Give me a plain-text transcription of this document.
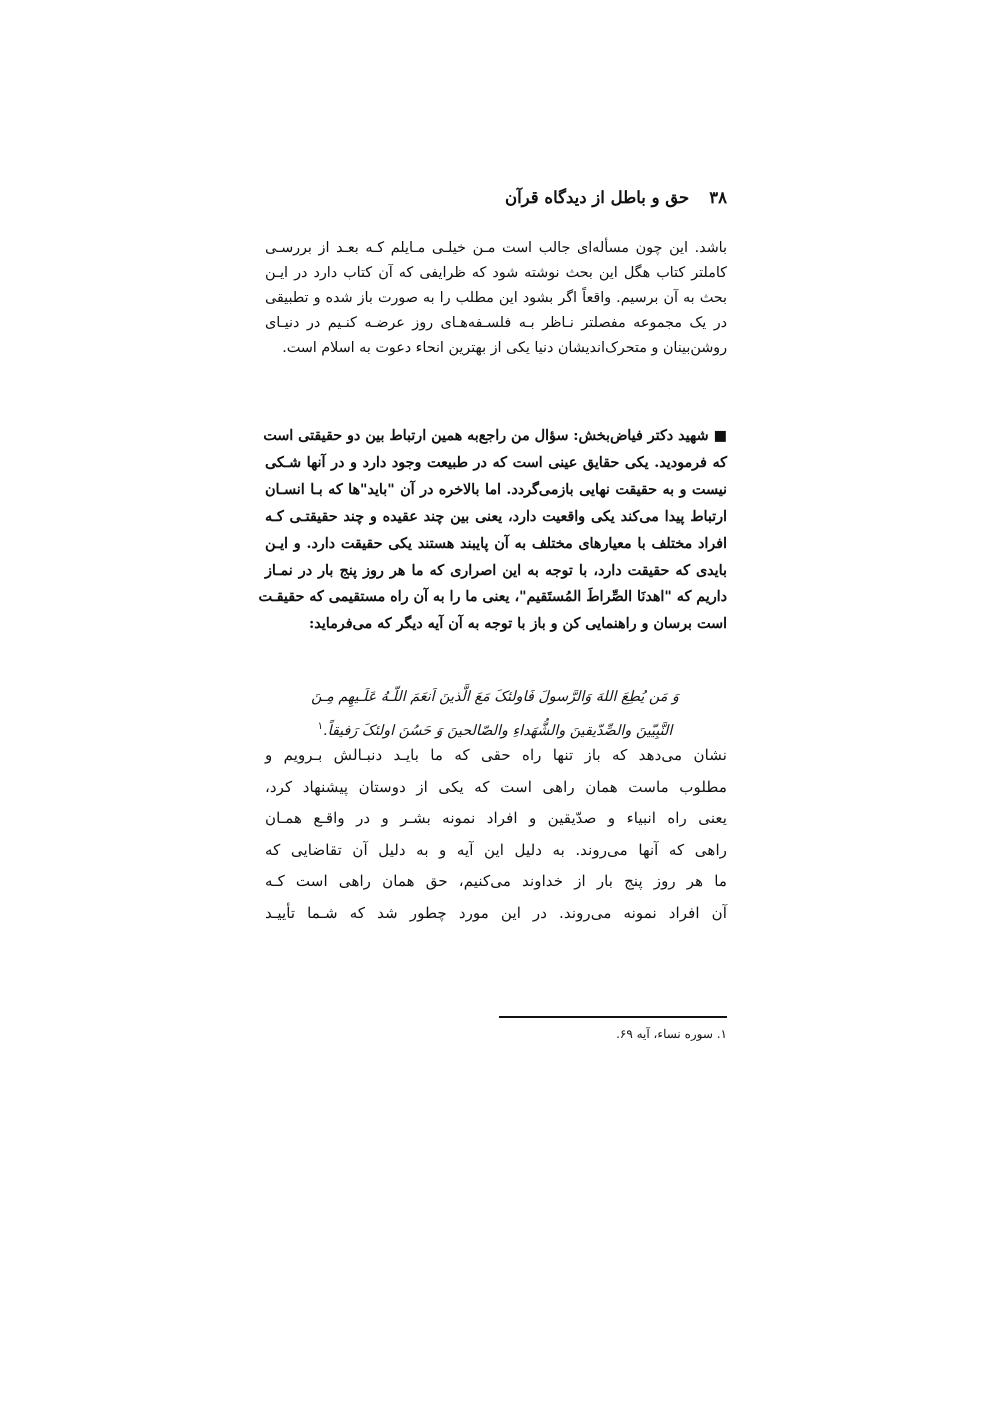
۳۸حق و باطل از دیدگاه قرآن
باشد. این چون مسأله‌ای جالب است مـن خیلـی مـایلم کـه بعـد از بررسـی
کاملتر کتاب هگل این بحث نوشته شود که ظرایفی که آن کتاب دارد در ایـن
بحث به آن برسیم. واقعاً اگر بشود این مطلب را به صورت باز شده و تطبیقی
در یک مجموعه مفصلتر نـاظر بـه فلسـفه‌هـای روز عرضـه کنـیم در دنیـای
روشن‌بینان و متحرک‌اندیشان دنیا یکی از بهترین انحاء دعوت به اسلام است.
■ شهید دکتر فیاض‌بخش: سؤال من راجع‌به همین ارتباط بین دو حقیقتی است
که فرمودید. یکی حقایق عینی است که در طبیعت وجود دارد و در آنها شـکی
نیست و به حقیقت نهایی بازمی‌گردد. اما بالاخره در آن "باید"ها که بـا انسـان
ارتباط پیدا می‌کند یکی واقعیت دارد، یعنی بین چند عقیده و چند حقیقتـی کـه
افراد مختلف با معیارهای مختلف به آن پایبند هستند یکی حقیقت دارد. و ایـن
بایدی که حقیقت دارد، با توجه به این اصراری که ما هر روز پنج بار در نمـاز
داریم که "اهدنَا الصِّراطَ المُستَقیم"، یعنی ما را به آن راه مستقیمی که حقیقـت
است برسان و راهنمایی کن و باز با توجه به آن آیه دیگر که می‌فرماید:
وَ مَن یُطِعَ اللهَ وَالرَّسولَ فَاولئکَ مَعَ الَّذینَ اَنعَمَ اللّـهُ عَلَـیهِم مِـنَ
النَّبِیّینَ والصِّدّیقینَ والشُّهَداءِ والصّالحینَ وَ حَسُنَ اولئکَ رَفیقاً.$^۱$
نشان می‌دهد که باز تنها راه حقی که ما بایـد دنبـالش بـرویم و
مطلوب ماست همان راهی است که یکی از دوستان پیشنهاد کرد،
یعنی راه انبیاء و صدّیقین و افراد نمونه بشـر و در واقـع همـان
راهی که آنها می‌روند. به دلیل این آیه و به دلیل آن تقاضایی که
ما هر روز پنج بار از خداوند می‌کنیم، حق همان راهی است کـه
آن افراد نمونه می‌روند. در این مورد چطور شد که شـما تأییـد
۱. سوره نساء، آیه ۶۹.
